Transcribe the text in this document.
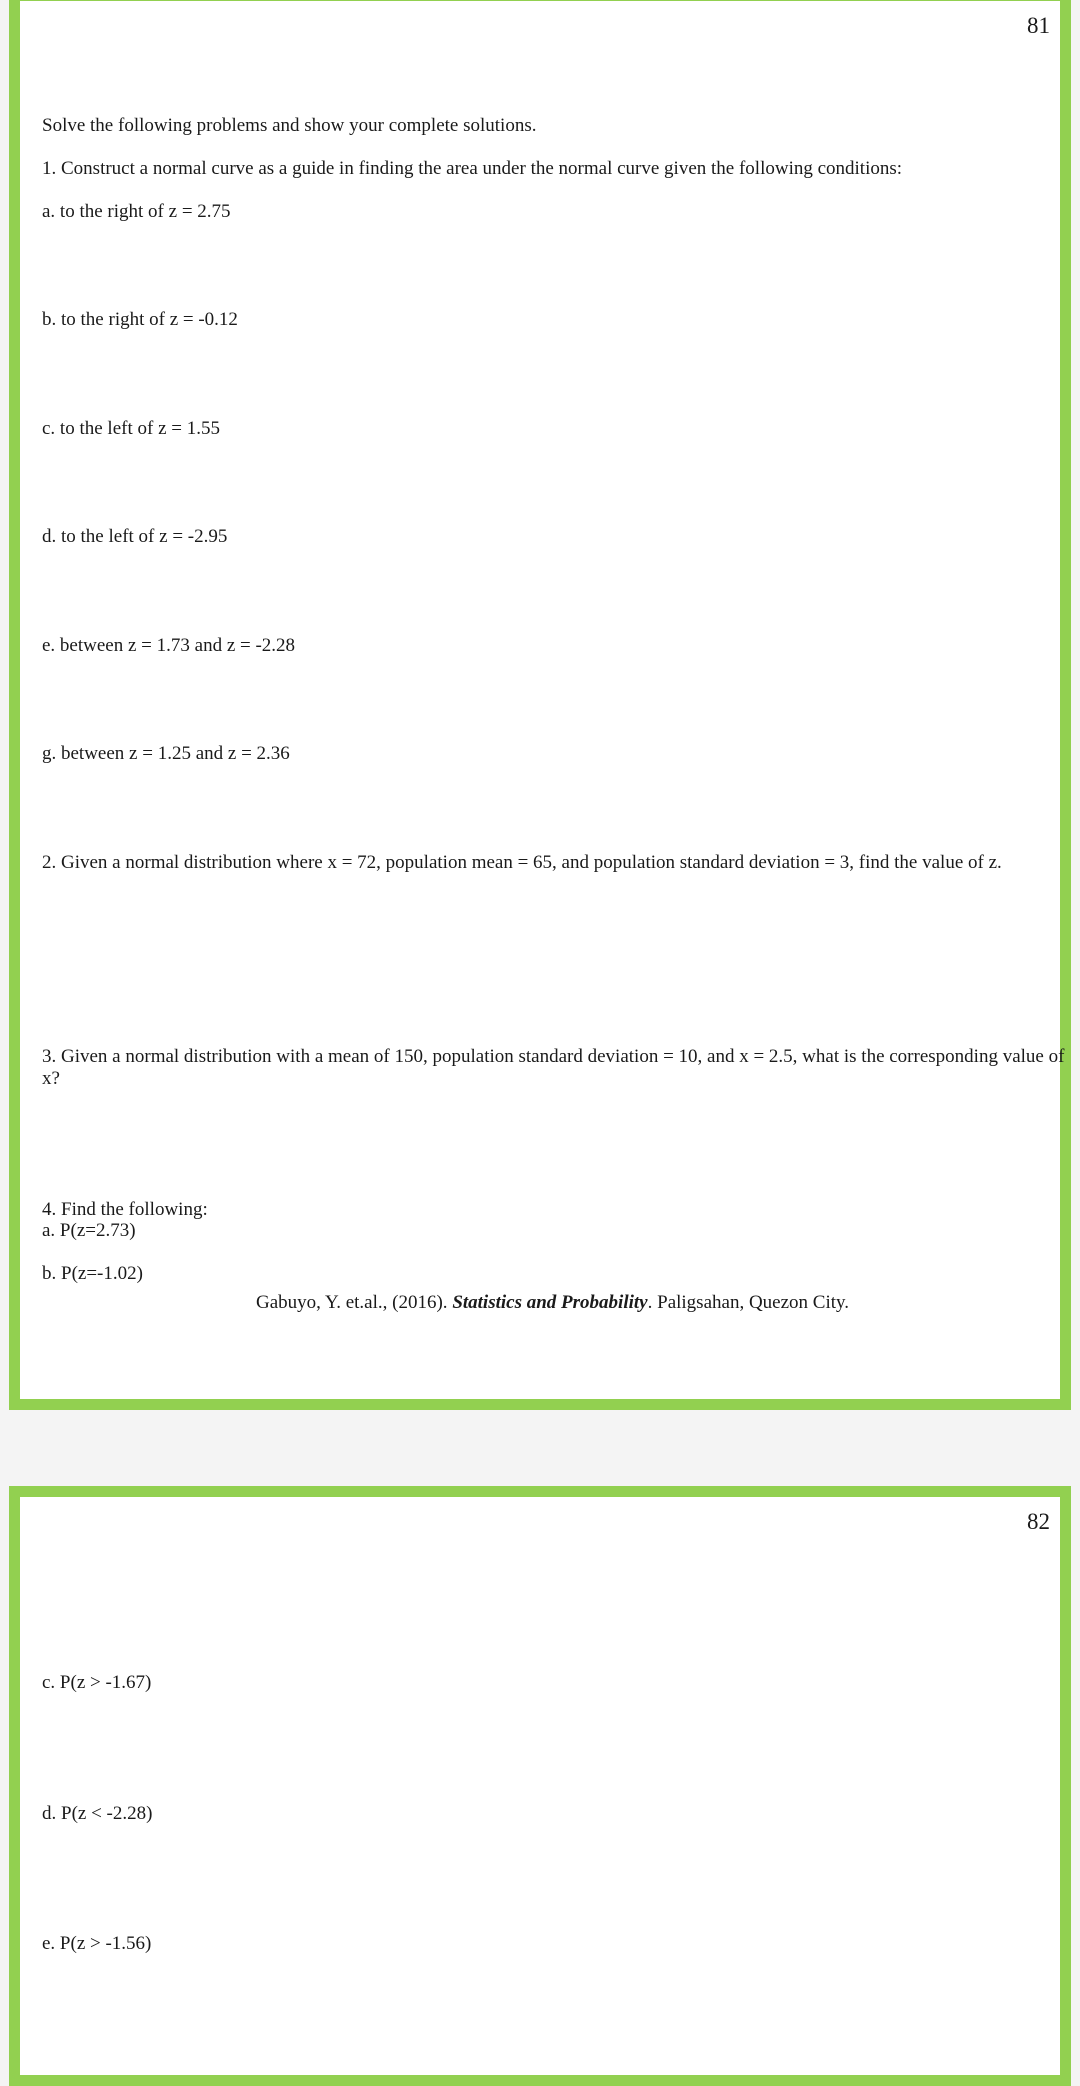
81
Solve the following problems and show your complete solutions.
1. Construct a normal curve as a guide in finding the area under the normal curve given the following conditions:
a. to the right of z = 2.75
b. to the right of z = -0.12
c. to the left of z = 1.55
d. to the left of z = -2.95
e. between z = 1.73 and z = -2.28
g. between z = 1.25 and z = 2.36
2. Given a normal distribution where x = 72, population mean = 65, and population standard deviation = 3, find the value of z.
3. Given a normal distribution with a mean of 150, population standard deviation = 10, and x = 2.5, what is the corresponding value of x?
4. Find the following:
a. P(z=2.73)
b. P(z=-1.02)
Gabuyo, Y. et.al., (2016). Statistics and Probability. Paligsahan, Quezon City.
82
c. P(z > -1.67)
d. P(z < -2.28)
e. P(z > -1.56)
